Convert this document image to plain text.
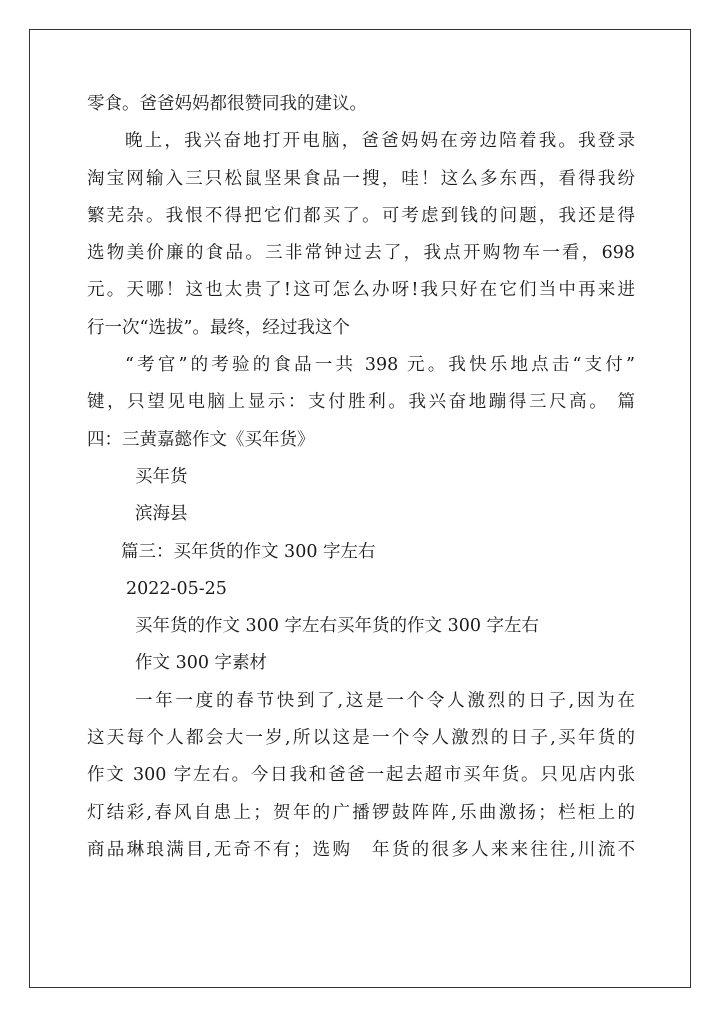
零食。爸爸妈妈都很赞同我的建议。
晚上，我兴奋地打开电脑，爸爸妈妈在旁边陪着我。我登录
淘宝网输入三只松鼠坚果食品一搜，哇！这么多东西，看得我纷
繁芜杂。我恨不得把它们都买了。可考虑到钱的问题，我还是得
选物美价廉的食品。三非常钟过去了，我点开购物车一看，698
元。天哪！这也太贵了!这可怎么办呀!我只好在它们当中再来进
行一次“选拔”。最终，经过我这个
“考官”的考验的食品一共 398 元。我快乐地点击“支付”
键，只望见电脑上显示：支付胜利。我兴奋地蹦得三尺高。 篇
四：三黄嘉懿作文《买年货》
买年货
滨海县
篇三：买年货的作文 300 字左右
2022-05-25
买年货的作文 300 字左右买年货的作文 300 字左右
作文 300 字素材
一年一度的春节快到了,这是一个令人激烈的日子,因为在
这天每个人都会大一岁,所以这是一个令人激烈的日子,买年货的
作文 300 字左右。今日我和爸爸一起去超市买年货。只见店内张
灯结彩,春风自患上；贺年的广播锣鼓阵阵,乐曲激扬；栏柜上的
商品琳琅满目,无奇不有；选购　年货的很多人来来往往,川流不
